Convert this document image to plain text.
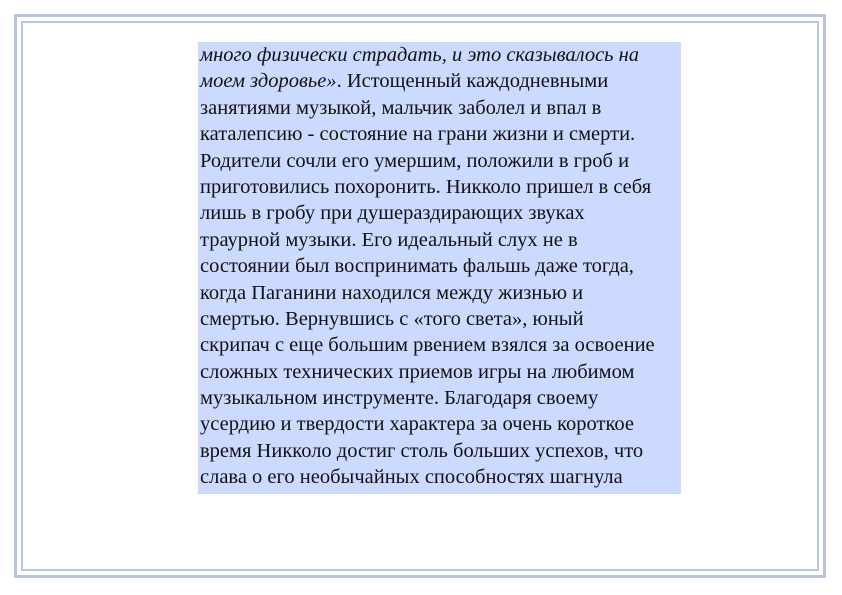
много физически страдать, и это сказывалось на
моем здоровье». Истощенный каждодневными
занятиями музыкой, мальчик заболел и впал в
каталепсию - состояние на грани жизни и смерти.
Родители сочли его умершим, положили в гроб и
приготовились похоронить. Никколо пришел в себя
лишь в гробу при душераздирающих звуках
траурной музыки. Его идеальный слух не в
состоянии был воспринимать фальшь даже тогда,
когда Паганини находился между жизнью и
смертью. Вернувшись с «того света», юный
скрипач с еще большим рвением взялся за освоение
сложных технических приемов игры на любимом
музыкальном инструменте. Благодаря своему
усердию и твердости характера за очень короткое
время Никколо достиг столь больших успехов, что
слава о его необычайных способностях шагнула
